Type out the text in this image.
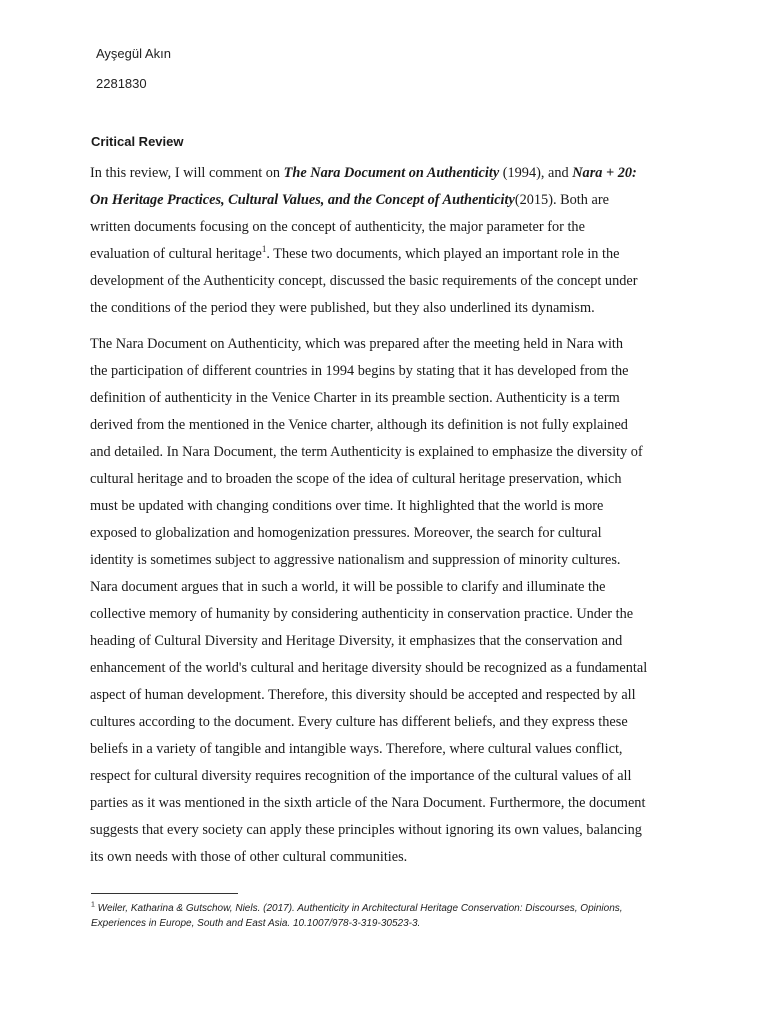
Ayşegül Akın
2281830
Critical Review
In this review, I will comment on The Nara Document on Authenticity (1994), and Nara + 20:
On Heritage Practices, Cultural Values, and the Concept of Authenticity(2015). Both are
written documents focusing on the concept of authenticity, the major parameter for the
evaluation of cultural heritage$^1$. These two documents, which played an important role in the
development of the Authenticity concept, discussed the basic requirements of the concept under
the conditions of the period they were published, but they also underlined its dynamism.
The Nara Document on Authenticity, which was prepared after the meeting held in Nara with
the participation of different countries in 1994 begins by stating that it has developed from the
definition of authenticity in the Venice Charter in its preamble section. Authenticity is a term
derived from the mentioned in the Venice charter, although its definition is not fully explained
and detailed. In Nara Document, the term Authenticity is explained to emphasize the diversity of
cultural heritage and to broaden the scope of the idea of cultural heritage preservation, which
must be updated with changing conditions over time. It highlighted that the world is more
exposed to globalization and homogenization pressures. Moreover, the search for cultural
identity is sometimes subject to aggressive nationalism and suppression of minority cultures.
Nara document argues that in such a world, it will be possible to clarify and illuminate the
collective memory of humanity by considering authenticity in conservation practice. Under the
heading of Cultural Diversity and Heritage Diversity, it emphasizes that the conservation and
enhancement of the world's cultural and heritage diversity should be recognized as a fundamental
aspect of human development. Therefore, this diversity should be accepted and respected by all
cultures according to the document. Every culture has different beliefs, and they express these
beliefs in a variety of tangible and intangible ways. Therefore, where cultural values conflict,
respect for cultural diversity requires recognition of the importance of the cultural values of all
parties as it was mentioned in the sixth article of the Nara Document. Furthermore, the document
suggests that every society can apply these principles without ignoring its own values, balancing
its own needs with those of other cultural communities.
$^1$ Weiler, Katharina & Gutschow, Niels. (2017). Authenticity in Architectural Heritage Conservation: Discourses, Opinions,
Experiences in Europe, South and East Asia. 10.1007/978-3-319-30523-3.
